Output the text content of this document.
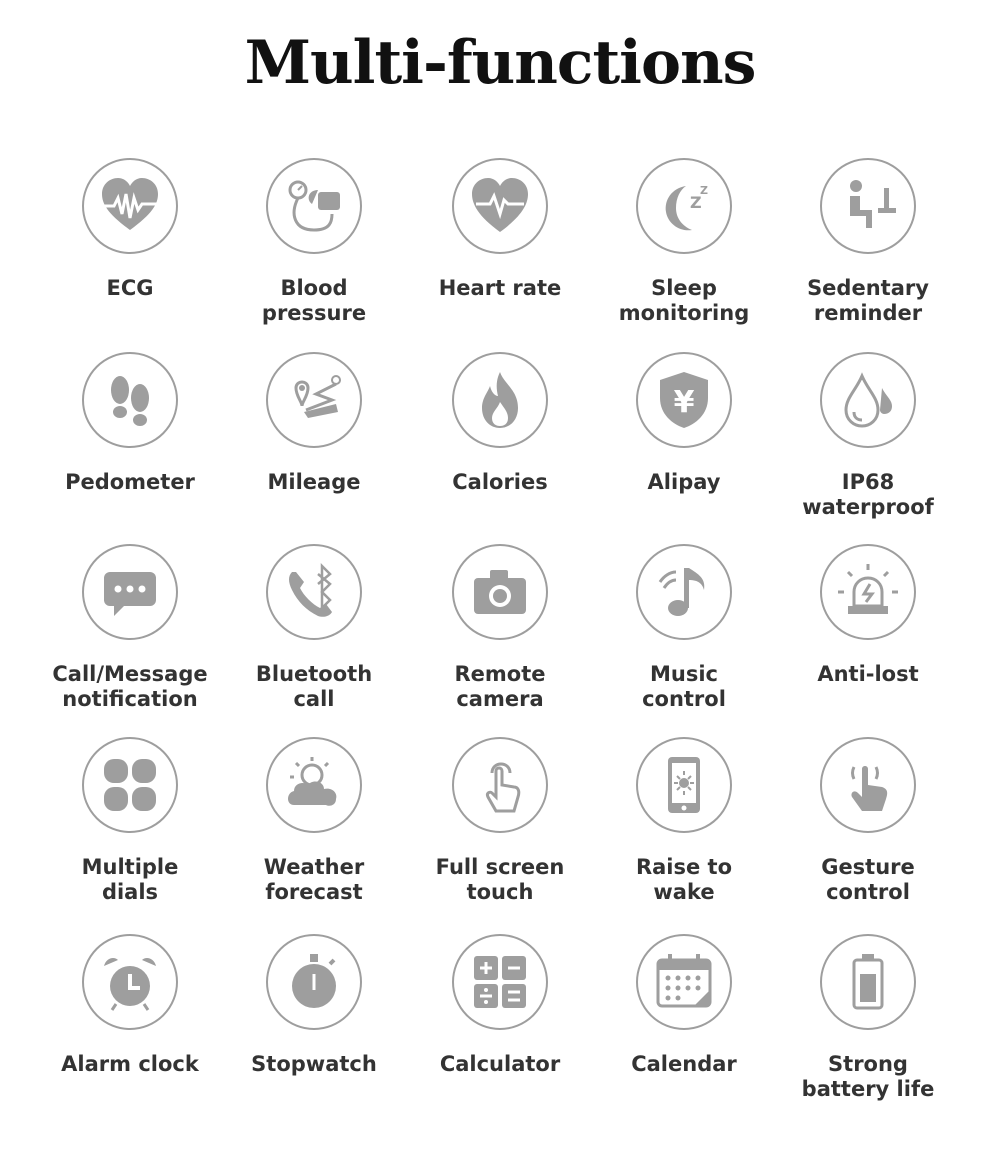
Multi-functions
ECG	Blood
pressure
Heart rate
Z
Z
Sleep
monitoring
Sedentary
reminder
Pedometer	Mileage	Calories
¥
Alipay	IP68
waterproof
Call/Message
notification
Bluetooth
call
Remote
camera
Music
control
Anti-lost
Multiple
dials
Weather
forecast
Full screen
touch
Raise to
wake
Gesture
control
Alarm clock	Stopwatch	Calculator	Calendar	Strong
battery life
